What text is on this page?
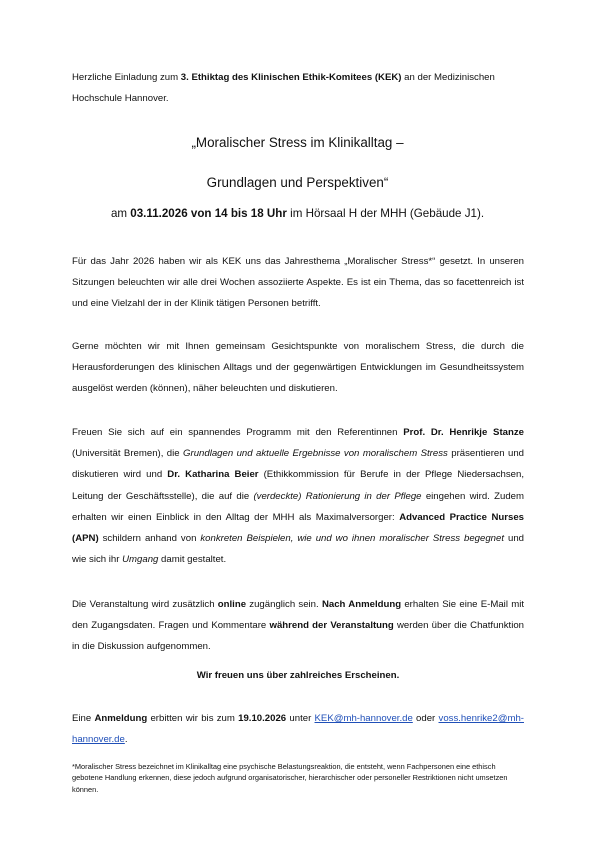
Herzliche Einladung zum 3. Ethiktag des Klinischen Ethik-Komitees (KEK) an der Medizinischen Hochschule Hannover.
„Moralischer Stress im Klinikalltag –
Grundlagen und Perspektiven“
am 03.11.2026 von 14 bis 18 Uhr im Hörsaal H der MHH (Gebäude J1).
Für das Jahr 2026 haben wir als KEK uns das Jahresthema „Moralischer Stress*“ gesetzt. In unseren Sitzungen beleuchten wir alle drei Wochen assoziierte Aspekte. Es ist ein Thema, das so facettenreich ist und eine Vielzahl der in der Klinik tätigen Personen betrifft.
Gerne möchten wir mit Ihnen gemeinsam Gesichtspunkte von moralischem Stress, die durch die Herausforderungen des klinischen Alltags und der gegenwärtigen Entwicklungen im Gesundheitssystem ausgelöst werden (können), näher beleuchten und diskutieren.
Freuen Sie sich auf ein spannendes Programm mit den Referentinnen Prof. Dr. Henrikje Stanze (Universität Bremen), die Grundlagen und aktuelle Ergebnisse von moralischem Stress präsentieren und diskutieren wird und Dr. Katharina Beier (Ethikkommission für Berufe in der Pflege Niedersachsen, Leitung der Geschäftsstelle), die auf die (verdeckte) Rationierung in der Pflege eingehen wird. Zudem erhalten wir einen Einblick in den Alltag der MHH als Maximalversorger: Advanced Practice Nurses (APN) schildern anhand von konkreten Beispielen, wie und wo ihnen moralischer Stress begegnet und wie sich ihr Umgang damit gestaltet.
Die Veranstaltung wird zusätzlich online zugänglich sein. Nach Anmeldung erhalten Sie eine E-Mail mit den Zugangsdaten. Fragen und Kommentare während der Veranstaltung werden über die Chatfunktion in die Diskussion aufgenommen.
Wir freuen uns über zahlreiches Erscheinen.
Eine Anmeldung erbitten wir bis zum 19.10.2026 unter KEK@mh-hannover.de oder voss.henrike2@mh-hannover.de.
*Moralischer Stress bezeichnet im Klinikalltag eine psychische Belastungsreaktion, die entsteht, wenn Fachpersonen eine ethisch gebotene Handlung erkennen, diese jedoch aufgrund organisatorischer, hierarchischer oder personeller Restriktionen nicht umsetzen können.
